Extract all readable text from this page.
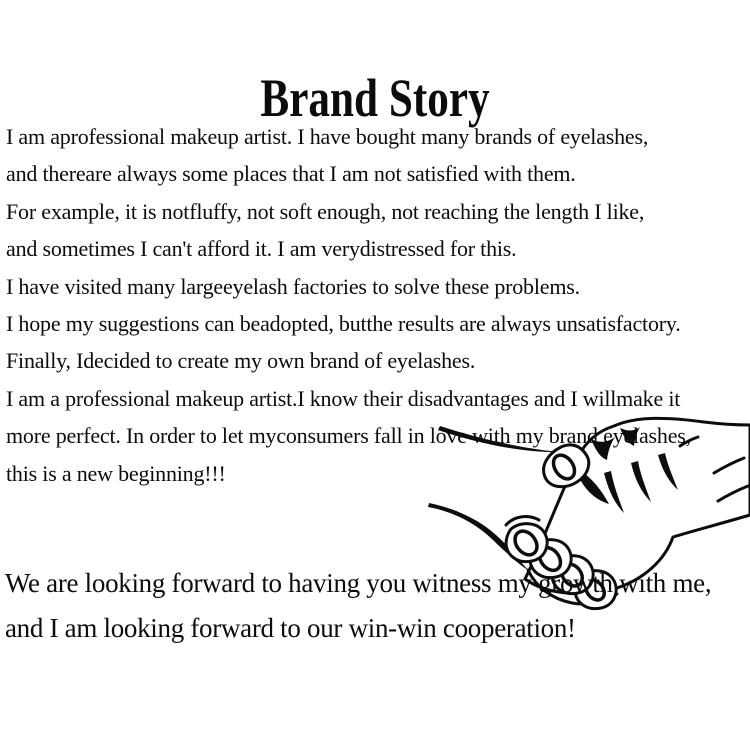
Brand Story
I am aprofessional makeup artist. I have bought many brands of eyelashes,
and thereare always some places that I am not satisfied with them.
For example, it is notfluffy, not soft enough, not reaching the length I like,
and sometimes I can't afford it. I am verydistressed for this.
I have visited many largeeyelash factories to solve these problems.
I hope my suggestions can beadopted, butthe results are always unsatisfactory.
Finally, Idecided to create my own brand of eyelashes.
I am a professional makeup artist.I know their disadvantages and I willmake it
more perfect. In order to let myconsumers fall in love with my brand eyelashes,
this is a new beginning!!!
We are looking forward to having you witness my growth with me,
and I am looking forward to our win-win cooperation!
